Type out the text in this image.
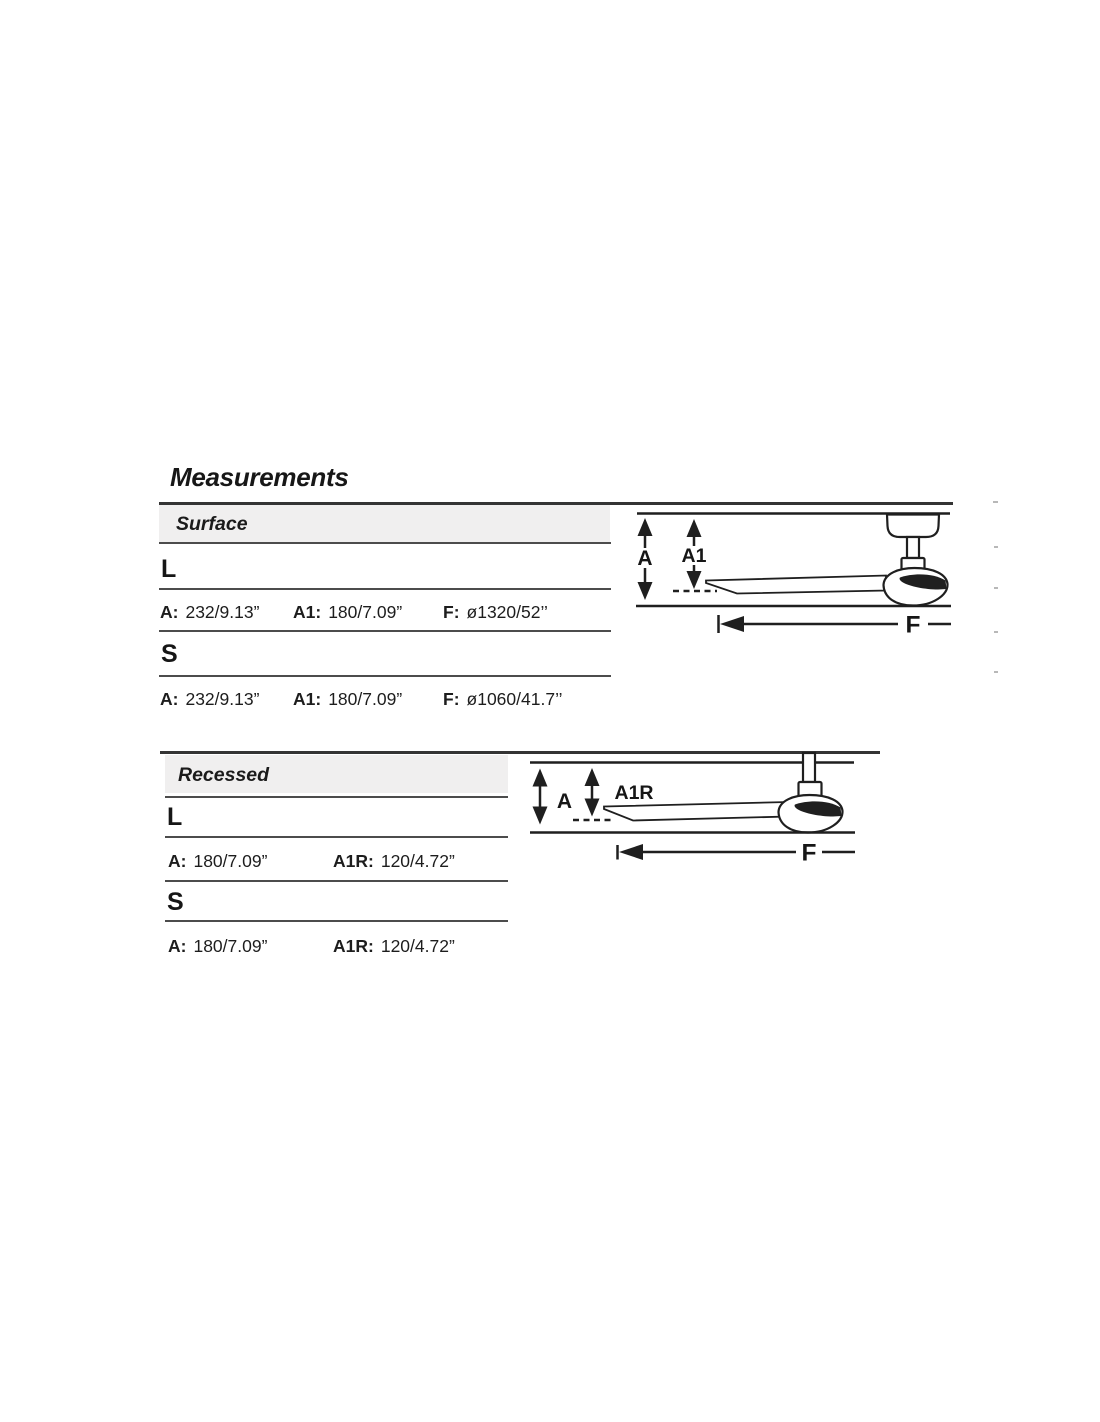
Measurements
Surface
L
A: 232/9.13” A1: 180/7.09” F: ø1320/52’’
S
A: 232/9.13” A1: 180/7.09” F: ø1060/41.7’’
A A1
F
Recessed
L
A: 180/7.09”	A1R: 120/4.72”
S
A: 180/7.09”	A1R: 120/4.72”
A A1R
F
